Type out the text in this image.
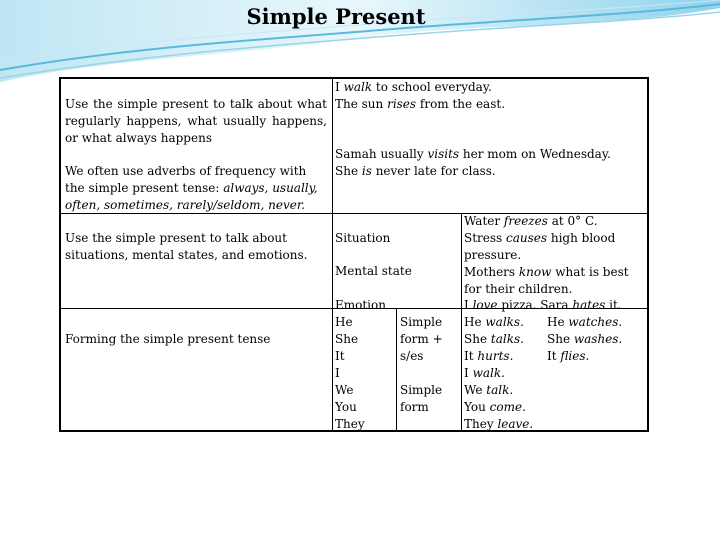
Simple Present

Use the simple present to talk about what regularly happens, what usually happens, or what always happens

I walk to school everyday.

The sun rises from the east.

We often use adverbs of frequency with the simple present tense: always, usually, often, sometimes, rarely/seldom, never.

Samah usually visits her mom on Wednesday.

She is never late for class.

Use the simple present to talk about situations, mental states, and emotions.

Situation
Mental state
Emotion

Water freezes at 0° C.

Stress causes high blood pressure.

Mothers know what is best for their children.

I love pizza. Sara hates it.

Forming the simple present tense

He

She

It

Simple form + s/es

I

We

You

They

Simple form

He walks.

She talks.

It hurts.

He watches.

She washes.

It flies.

I walk.

We talk.

You come.

They leave.
